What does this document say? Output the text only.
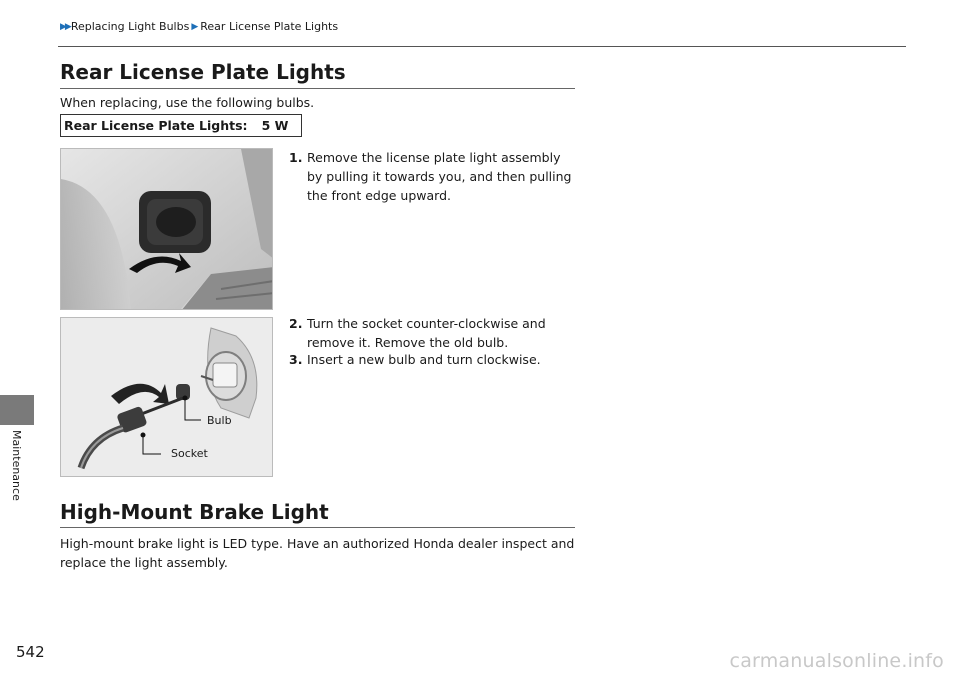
▶▶ Replacing Light Bulbs ▶ Rear License Plate Lights
Maintenance
Rear License Plate Lights
When replacing, use the following bulbs.
Rear License Plate Lights: 5 W
1. Remove the license plate light assembly by pulling it towards you, and then pulling the front edge upward.
2. Turn the socket counter-clockwise and remove it. Remove the old bulb.
3. Insert a new bulb and turn clockwise.
Bulb
Socket
High-Mount Brake Light
High-mount brake light is LED type. Have an authorized Honda dealer inspect and replace the light assembly.
542	carmanualsonline.info
